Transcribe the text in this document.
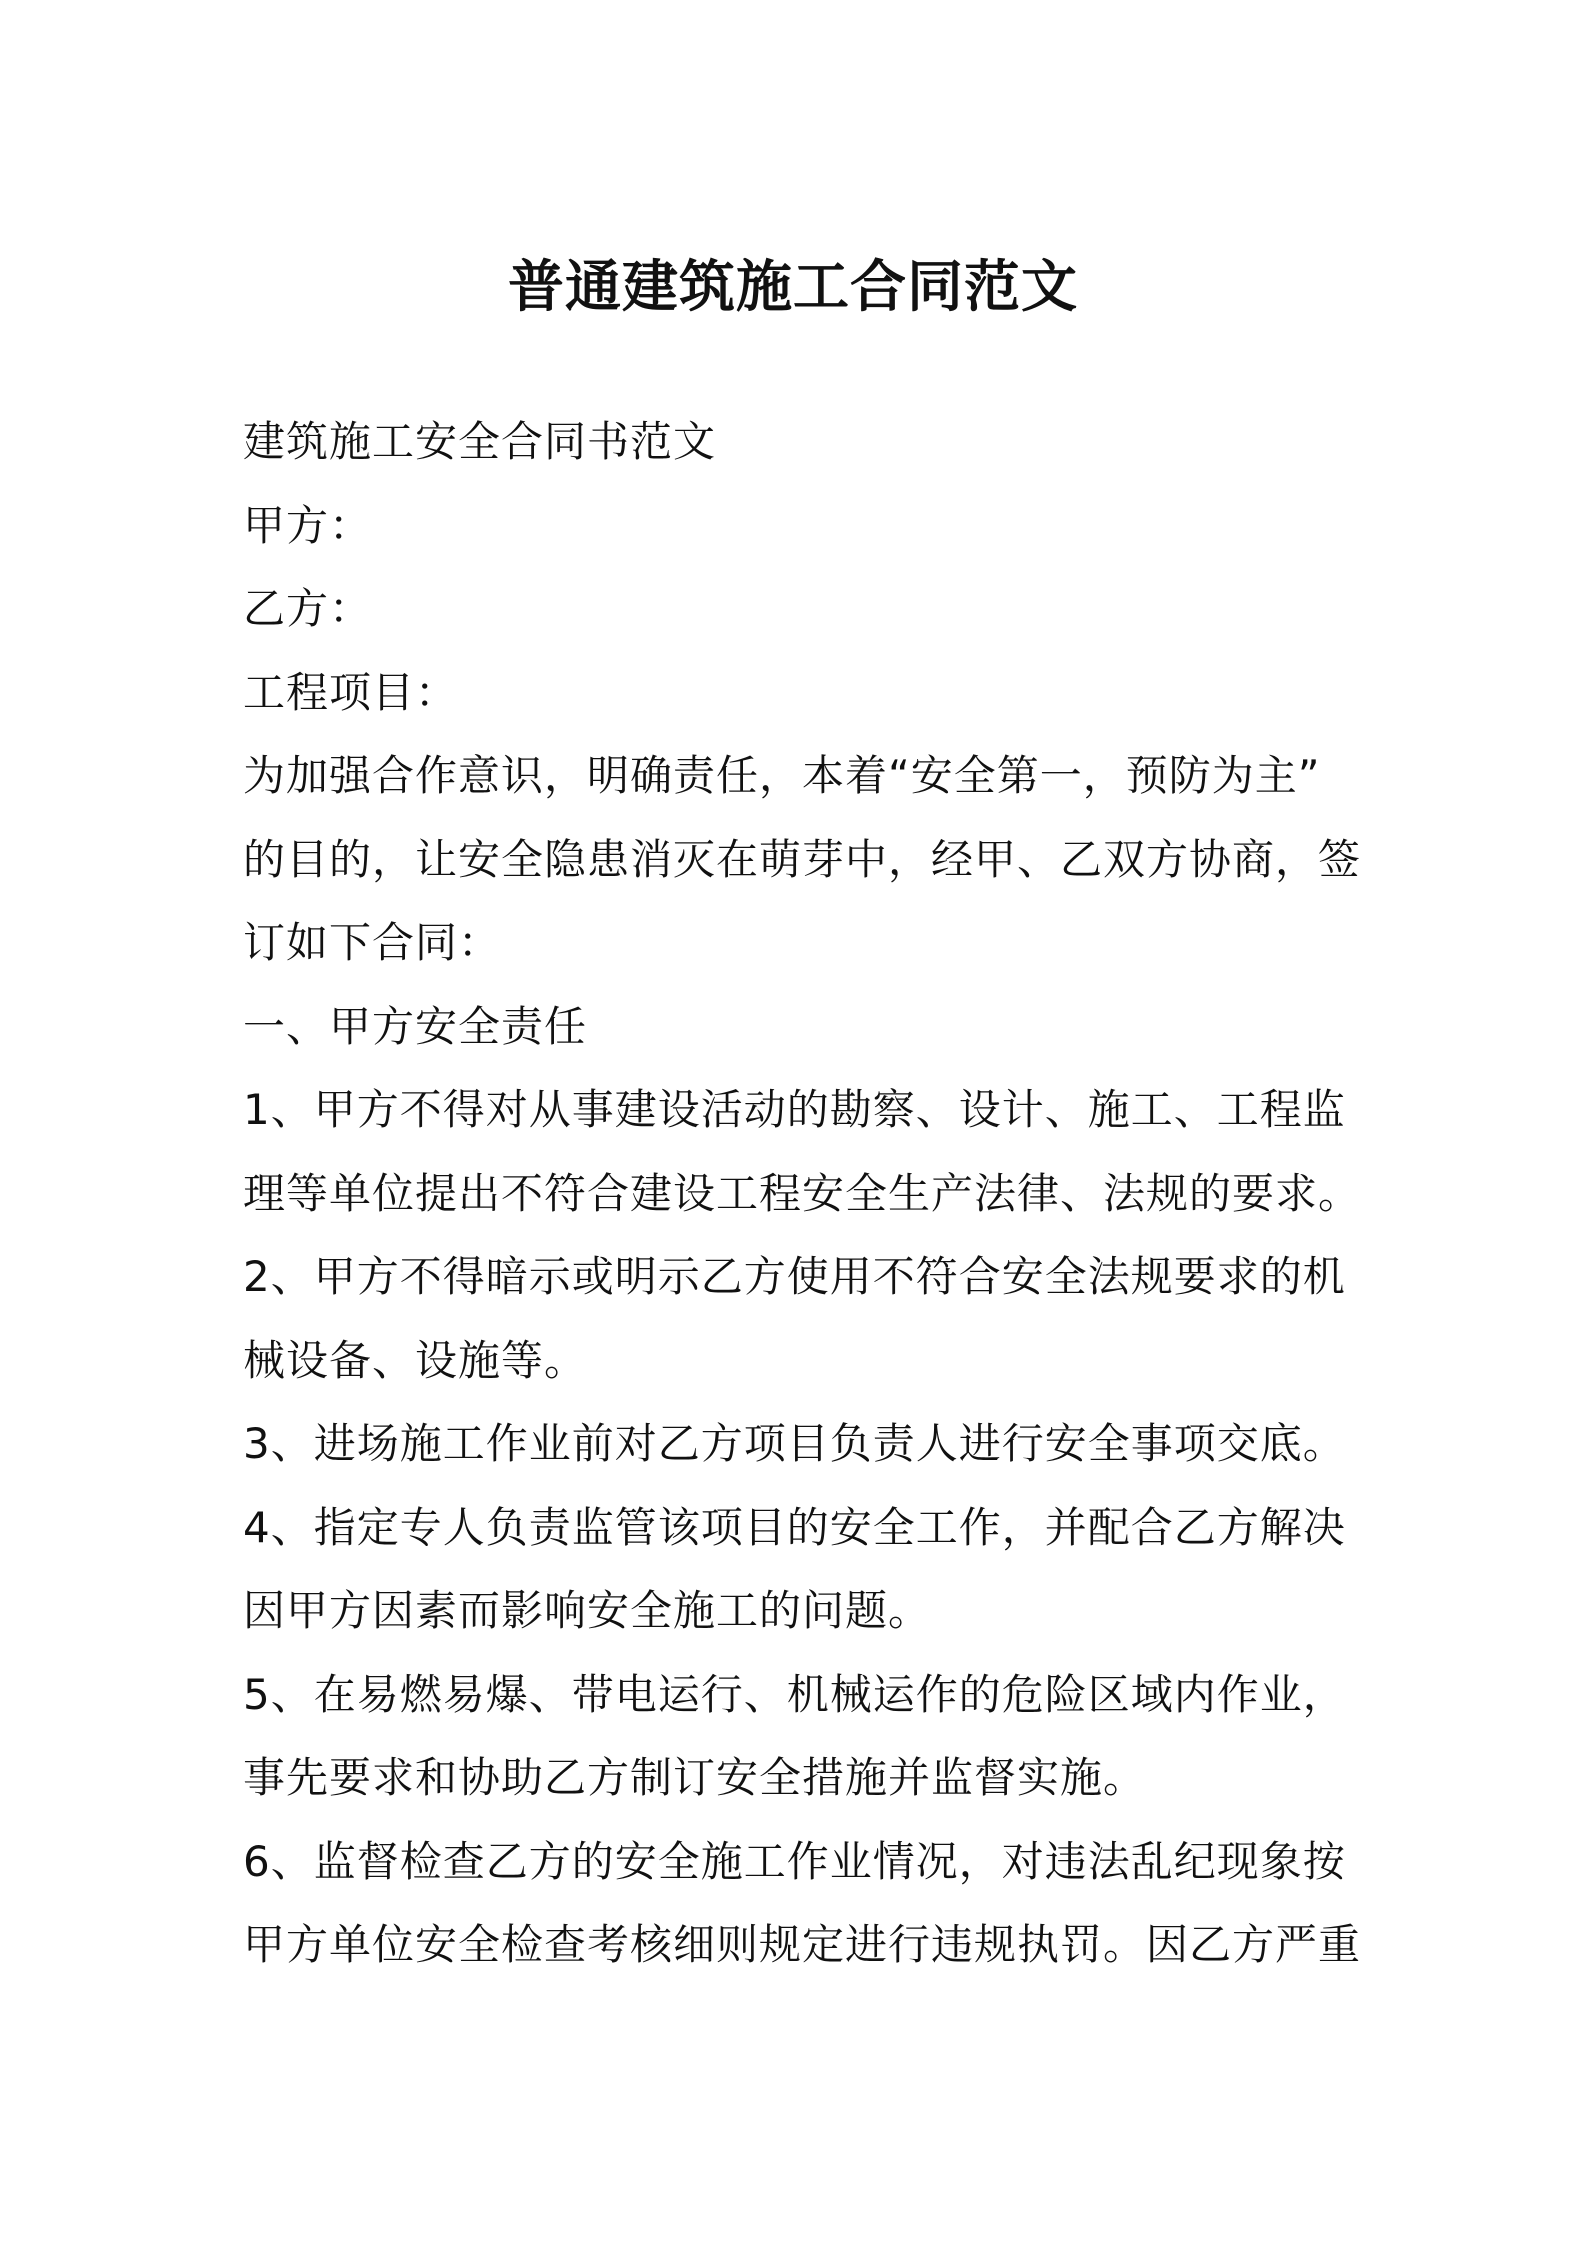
普通建筑施工合同范文

建筑施工安全合同书范文

甲方：

乙方：

工程项目：

为加强合作意识，明确责任，本着“安全第一，预防为主”

的目的，让安全隐患消灭在萌芽中，经甲、乙双方协商，签

订如下合同：

一、甲方安全责任

1、甲方不得对从事建设活动的勘察、设计、施工、工程监

理等单位提出不符合建设工程安全生产法律、法规的要求。

2、甲方不得暗示或明示乙方使用不符合安全法规要求的机

械设备、设施等。

3、进场施工作业前对乙方项目负责人进行安全事项交底。

4、指定专人负责监管该项目的安全工作，并配合乙方解决

因甲方因素而影响安全施工的问题。

5、在易燃易爆、带电运行、机械运作的危险区域内作业，

事先要求和协助乙方制订安全措施并监督实施。

6、监督检查乙方的安全施工作业情况，对违法乱纪现象按

甲方单位安全检查考核细则规定进行违规执罚。因乙方严重
